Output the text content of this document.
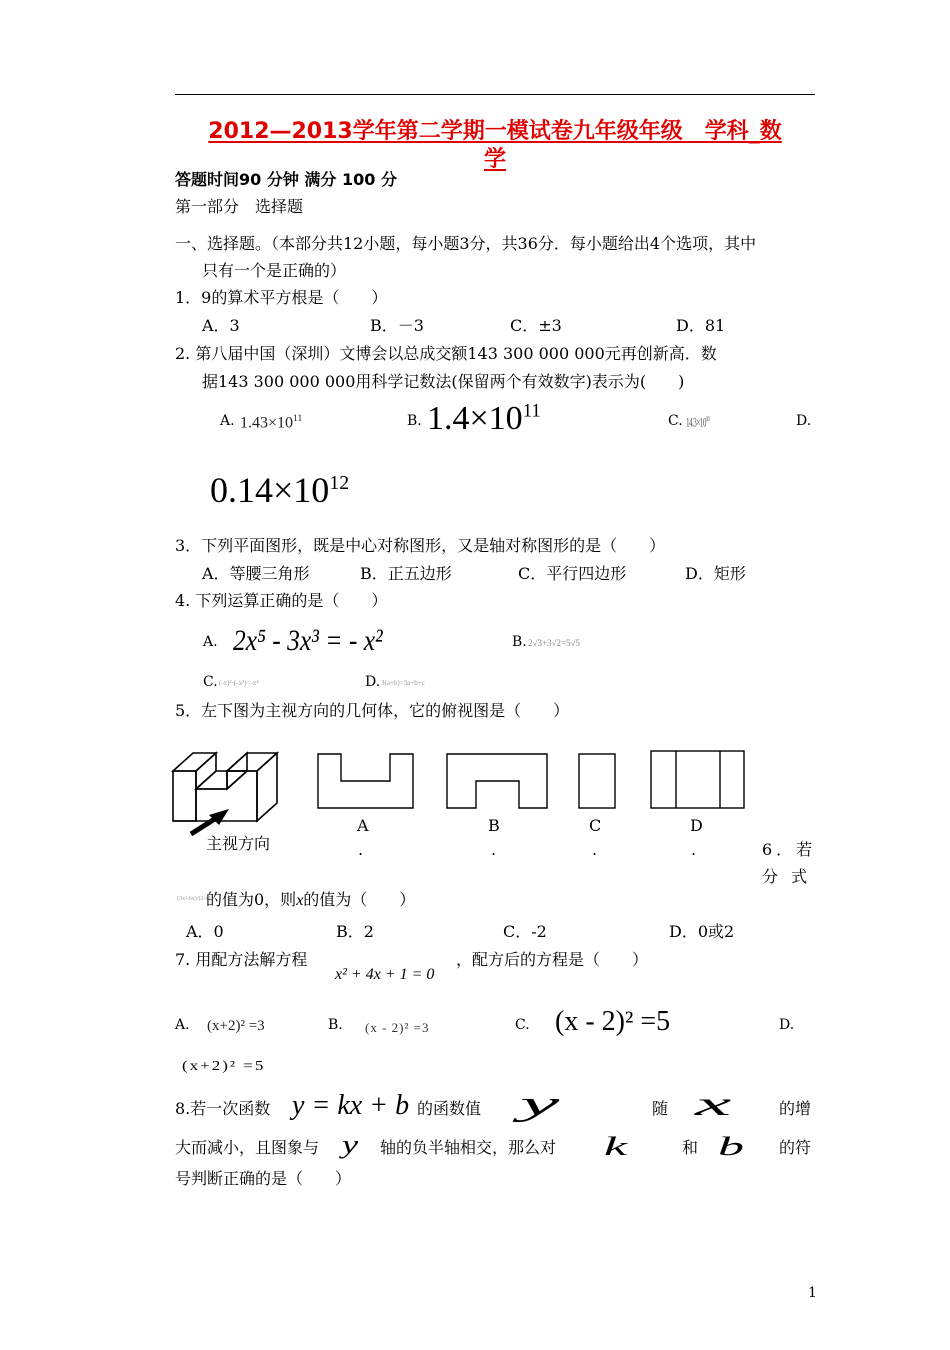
2012—2013学年第二学期一模试卷九年级年级　学科_数
学
答题时间90 分钟 满分 100 分
第一部分　选择题
一、选择题。（本部分共12小题，每小题3分，共36分．每小题给出4个选项，其中
只有一个是正确的）
1．9的算术平方根是（　　）
A．3	B．－3	C．±3	D．81
2. 第八届中国（深圳）文博会以总成交额143 300 000 000元再创新高．数
据143 300 000 000用科学记数法(保留两个有效数字)表示为(　　)
A. $1.43\times 10^{11}$	B. $1.4\times 10^{11}$	C. $14.3\times 10^{10}$	D.
$0.14\times 10^{12}$
3．下列平面图形，既是中心对称图形，又是轴对称图形的是（　　）
A．等腰三角形	B．正五边形	C．平行四边形	D．矩形
4. 下列运算正确的是（　　）
A. 2x⁵ - 3x³ = - x²	B. 2√3+3√2=5√5
C. (-x)²·(-x²)=-x⁴	D. 3(a+b)=3a+b+c
5．左下图为主视方向的几何体，它的俯视图是（　　）
主视方向
A	B	C	D
.	.	.	.	6．若
分 式
(3x²-6x)/(2-x)
的值为0，则x的值为（　　）
A．0	B．2	C．-2	D．0或2
7. 用配方法解方程
x² + 4x + 1 = 0
，配方后的方程是（　　）
A. (x+2)² =3	B. (x - 2)² =3	C. (x - 2)² =5	D.
(x+2)² =5
8.若一次函数 y = kx + b 的函数值 y	随 x	的增
大而减小，且图象与 y 轴的负半轴相交，那么对 k	和 b 的符
号判断正确的是（　　）
1
